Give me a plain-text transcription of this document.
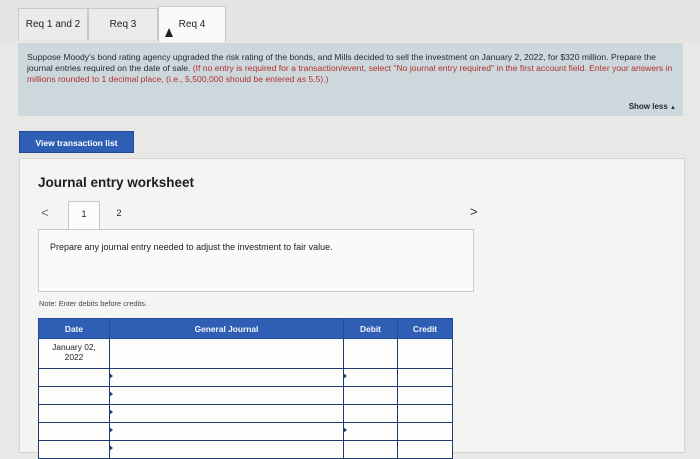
Req 1 and 2	Req 3	Req 4
Suppose Moody's bond rating agency upgraded the risk rating of the bonds, and Mills decided to sell the investment on January 2, 2022, for $320 million. Prepare the journal entries required on the date of sale. (If no entry is required for a transaction/event, select "No journal entry required" in the first account field. Enter your answers in millions rounded to 1 decimal place, (i.e., 5,500,000 should be entered as 5.5).)
Show less ▲
View transaction list
Journal entry worksheet
<	1	2	>
Prepare any journal entry needed to adjust the investment to fair value.
Note: Enter debits before credits.
Date	General Journal	Debit	Credit
January 02,
2022			
